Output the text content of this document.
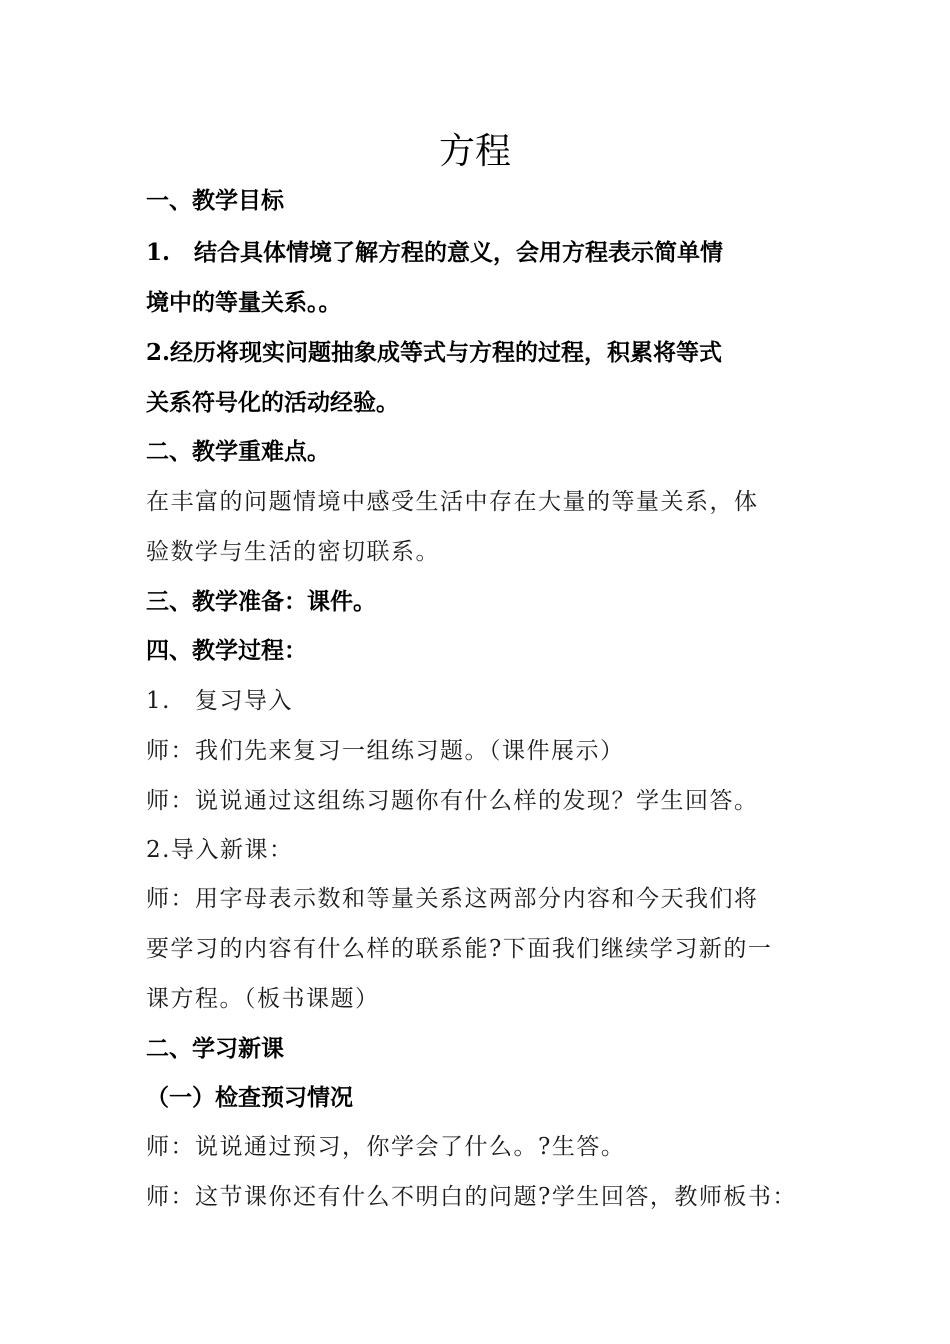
方程

一、教学目标

1. 结合具体情境了解方程的意义，会用方程表示简单情

境中的等量关系。。

2.经历将现实问题抽象成等式与方程的过程，积累将等式

关系符号化的活动经验。

二、教学重难点。

在丰富的问题情境中感受生活中存在大量的等量关系，体

验数学与生活的密切联系。

三、教学准备：课件。

四、教学过程：

1. 复习导入

师：我们先来复习一组练习题。（课件展示）

师：说说通过这组练习题你有什么样的发现？学生回答。

2.导入新课：

师：用字母表示数和等量关系这两部分内容和今天我们将

要学习的内容有什么样的联系能?下面我们继续学习新的一

课方程。（板书课题）

二、学习新课

（一）检查预习情况

师：说说通过预习，你学会了什么。?生答。

师：这节课你还有什么不明白的问题?学生回答，教师板书：
